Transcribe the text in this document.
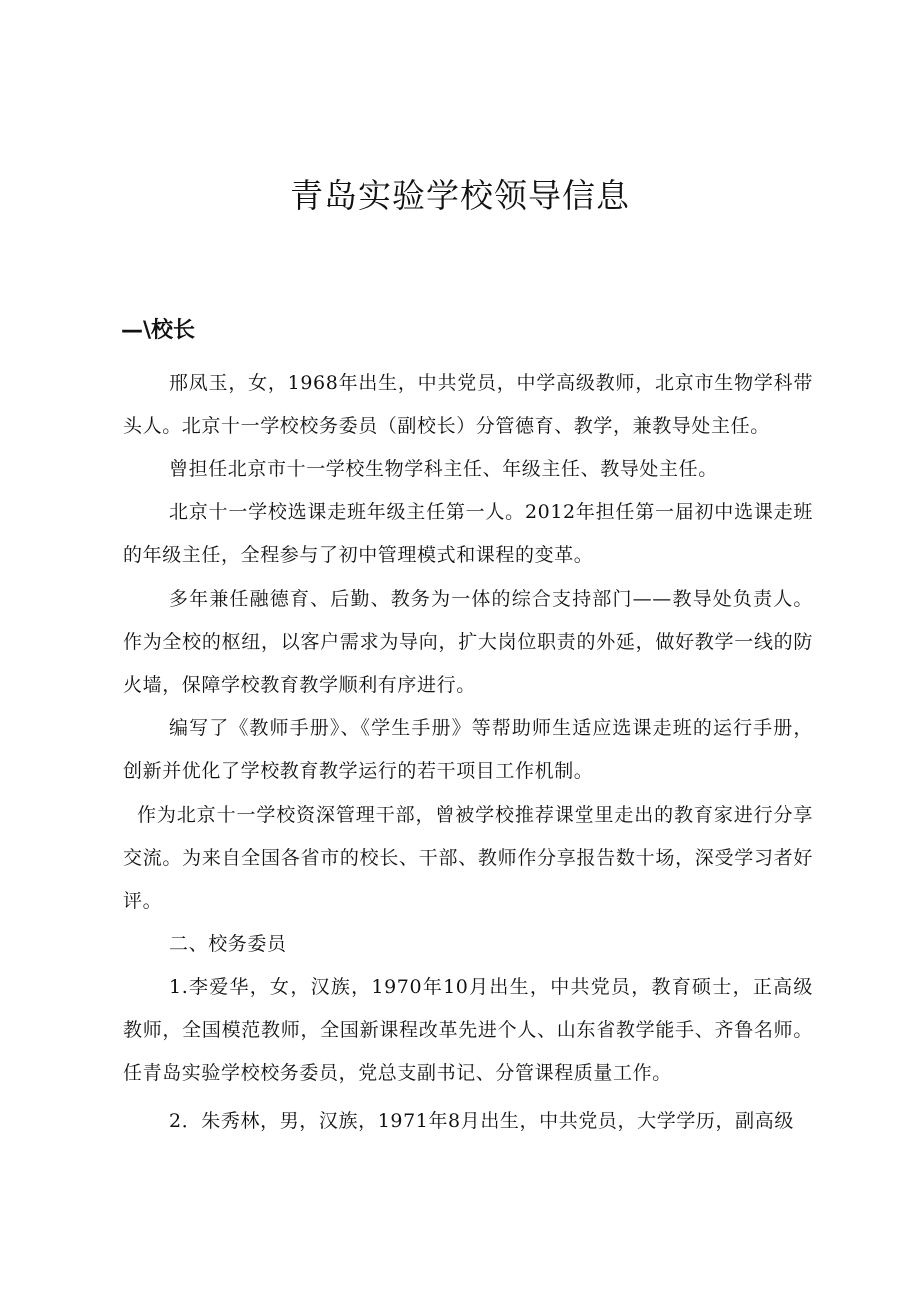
青岛实验学校领导信息
—\校长

邢凤玉，女，1968年出生，中共党员，中学高级教师，北京市生物学科带头人。北京十一学校校务委员（副校长）分管德育、教学，兼教导处主任。

曾担任北京市十一学校生物学科主任、年级主任、教导处主任。

北京十一学校选课走班年级主任第一人。2012年担任第一届初中选课走班的年级主任，全程参与了初中管理模式和课程的变革。

多年兼任融德育、后勤、教务为一体的综合支持部门——教导处负责人。作为全校的枢纽，以客户需求为导向，扩大岗位职责的外延，做好教学一线的防火墙，保障学校教育教学顺利有序进行。

编写了《教师手册》、《学生手册》等帮助师生适应选课走班的运行手册，创新并优化了学校教育教学运行的若干项目工作机制。

作为北京十一学校资深管理干部，曾被学校推荐课堂里走出的教育家进行分享交流。为来自全国各省市的校长、干部、教师作分享报告数十场，深受学习者好评。

二、校务委员

1.李爱华，女，汉族，1970年10月出生，中共党员，教育硕士，正高级教师，全国模范教师，全国新课程改革先进个人、山东省教学能手、齐鲁名师。任青岛实验学校校务委员，党总支副书记、分管课程质量工作。

2．朱秀林，男，汉族，1971年8月出生，中共党员，大学学历，副高级
